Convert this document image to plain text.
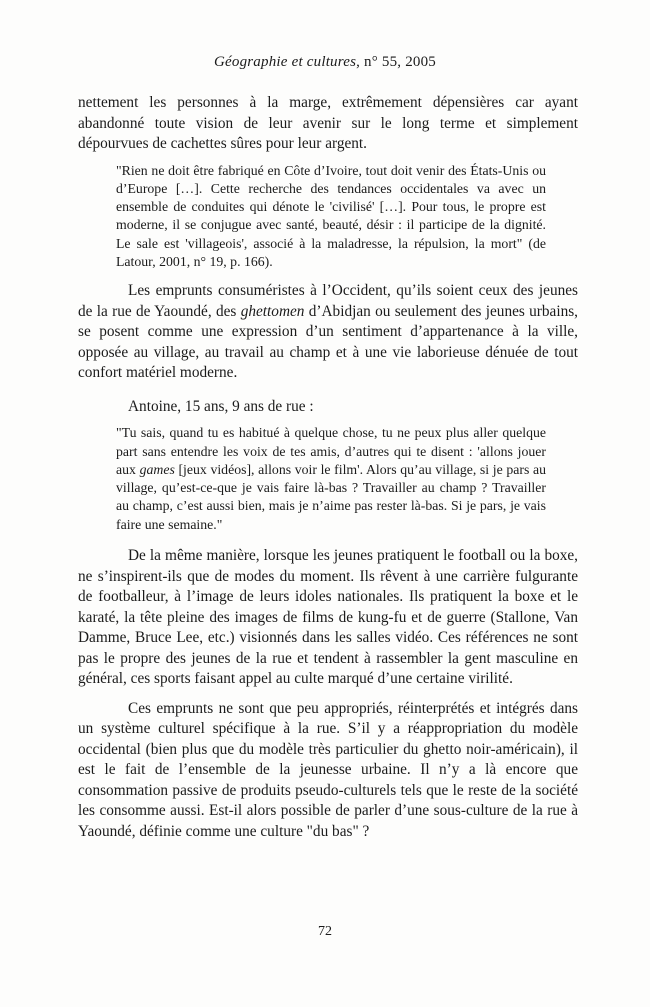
Géographie et cultures, n° 55, 2005
nettement les personnes à la marge, extrêmement dépensières car ayant abandonné toute vision de leur avenir sur le long terme et simplement dépourvues de cachettes sûres pour leur argent.
"Rien ne doit être fabriqué en Côte d’Ivoire, tout doit venir des États-Unis ou d’Europe […]. Cette recherche des tendances occidentales va avec un ensemble de conduites qui dénote le 'civilisé' […]. Pour tous, le propre est moderne, il se conjugue avec santé, beauté, désir : il participe de la dignité. Le sale est 'villageois', associé à la maladresse, la répulsion, la mort" (de Latour, 2001, n° 19, p. 166).
Les emprunts consuméristes à l’Occident, qu’ils soient ceux des jeunes de la rue de Yaoundé, des ghettomen d’Abidjan ou seulement des jeunes urbains, se posent comme une expression d’un sentiment d’appartenance à la ville, opposée au village, au travail au champ et à une vie laborieuse dénuée de tout confort matériel moderne.
Antoine, 15 ans, 9 ans de rue :
"Tu sais, quand tu es habitué à quelque chose, tu ne peux plus aller quelque part sans entendre les voix de tes amis, d’autres qui te disent : 'allons jouer aux games [jeux vidéos], allons voir le film'. Alors qu’au village, si je pars au village, qu’est-ce-que je vais faire là-bas ? Travailler au champ ? Travailler au champ, c’est aussi bien, mais je n’aime pas rester là-bas. Si je pars, je vais faire une semaine."
De la même manière, lorsque les jeunes pratiquent le football ou la boxe, ne s’inspirent-ils que de modes du moment. Ils rêvent à une carrière fulgurante de footballeur, à l’image de leurs idoles nationales. Ils pratiquent la boxe et le karaté, la tête pleine des images de films de kung-fu et de guerre (Stallone, Van Damme, Bruce Lee, etc.) visionnés dans les salles vidéo. Ces références ne sont pas le propre des jeunes de la rue et tendent à rassembler la gent masculine en général, ces sports faisant appel au culte marqué d’une certaine virilité.
Ces emprunts ne sont que peu appropriés, réinterprétés et intégrés dans un système culturel spécifique à la rue. S’il y a réappropriation du modèle occidental (bien plus que du modèle très particulier du ghetto noir-américain), il est le fait de l’ensemble de la jeunesse urbaine. Il n’y a là encore que consommation passive de produits pseudo-culturels tels que le reste de la société les consomme aussi. Est-il alors possible de parler d’une sous-culture de la rue à Yaoundé, définie comme une culture "du bas" ?
72
